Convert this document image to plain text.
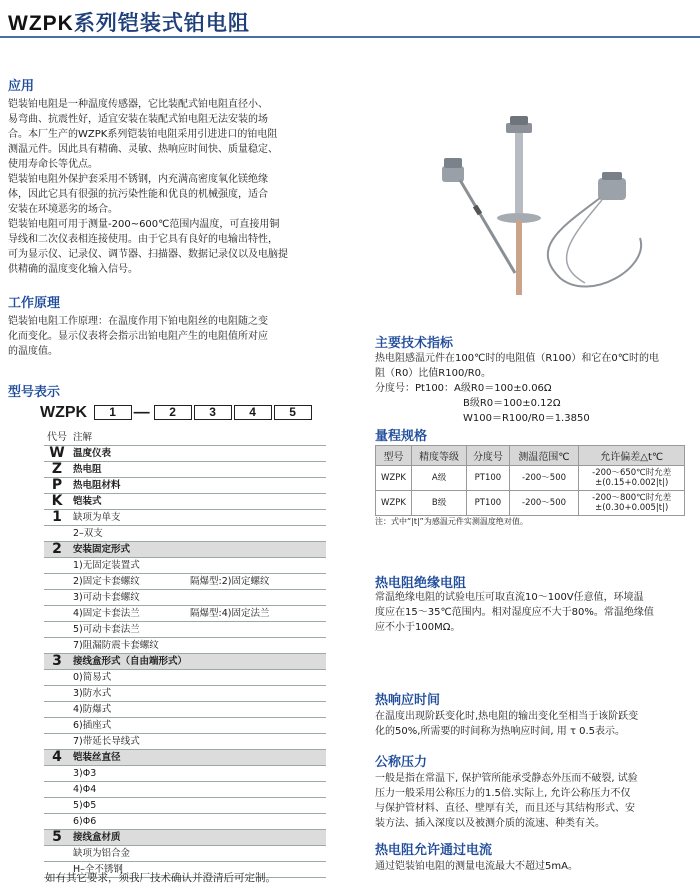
WZPK系列铠装式铂电阻
应用
铠装铂电阻是一种温度传感器，它比装配式铂电阻直径小、
易弯曲、抗震性好，适宜安装在装配式铂电阻无法安装的场
合。本厂生产的WZPK系列铠装铂电阻采用引进进口的铂电阻
测温元件。因此具有精确、灵敏、热响应时间快、质量稳定、
使用寿命长等优点。
铠装铂电阻外保护套采用不锈钢，内充满高密度氧化镁绝缘
体，因此它具有很强的抗污染性能和优良的机械强度，适合
安装在环境恶劣的场合。
铠装铂电阻可用于测量-200~600℃范围内温度，可直接用铜
导线和二次仪表相连接使用。由于它具有良好的电输出特性，
可为显示仪、记录仪、调节器、扫描器、数据记录仪以及电脑提
供精确的温度变化输入信号。
工作原理
铠装铂电阻工作原理：在温度作用下铂电阻丝的电阻随之变
化而变化。显示仪表将会指示出铂电阻产生的电阻值所对应
的温度值。
型号表示
WZPK 1 — 2	3	4	5
代号 注解
W 温度仪表
Z	热电阻
P	热电阻材料
K	铠装式
1	缺项为单支
2–双支
2	安装固定形式
1)无固定装置式
2)固定卡套螺纹	隔爆型:2)固定螺纹
3)可动卡套螺纹
4)固定卡套法兰	隔爆型:4)固定法兰
5)可动卡套法兰
7)阻漏防震卡套螺纹
3	接线盒形式（自由端形式）
0)简易式
3)防水式
4)防爆式
6)插座式
7)带延长导线式
4	铠装丝直径
3)Φ3
4)Φ4
5)Φ5
6)Φ6
5	接线盒材质
缺项为铝合金
H–全不锈钢
如有其它要求，须我厂技术确认并澄清后可定制。
主要技术指标
热电阻感温元件在100℃时的电阻值（R100）和它在0℃时的电
阻（R0）比值R100/R0。
分度号：Pt100：A级R0＝100±0.06Ω
B级R0＝100±0.12Ω
W100＝R100/R0＝1.3850
量程规格
型号	精度等级	分度号	测温范围℃	允许偏差△t℃
WZPK	A级	PT100	-200～500	-200～650℃时允差
±(0.15+0.002|t|)

WZPK	B级	PT100	-200～500	-200～800℃时允差
±(0.30+0.005|t|)
注：式中“|t|”为感温元件实测温度绝对值。
热电阻绝缘电阻
常温绝缘电阻的试验电压可取直流10～100V任意值，环境温
度应在15～35℃范围内。相对湿度应不大于80%。常温绝缘值
应不小于100MΩ。
热响应时间
在温度出现阶跃变化时,热电阻的输出变化至相当于该阶跃变
化的50%,所需要的时间称为热响应时间, 用 τ 0.5表示。
公称压力
一般是指在常温下, 保护管所能承受静态外压而不破裂, 试验
压力一般采用公称压力的1.5倍.实际上, 允许公称压力不仅
与保护管材料、直径、壁厚有关，而且还与其结构形式、安
装方法、插入深度以及被测介质的流速、种类有关。
热电阻允许通过电流
通过铠装铂电阻的测量电流最大不超过5mA。
